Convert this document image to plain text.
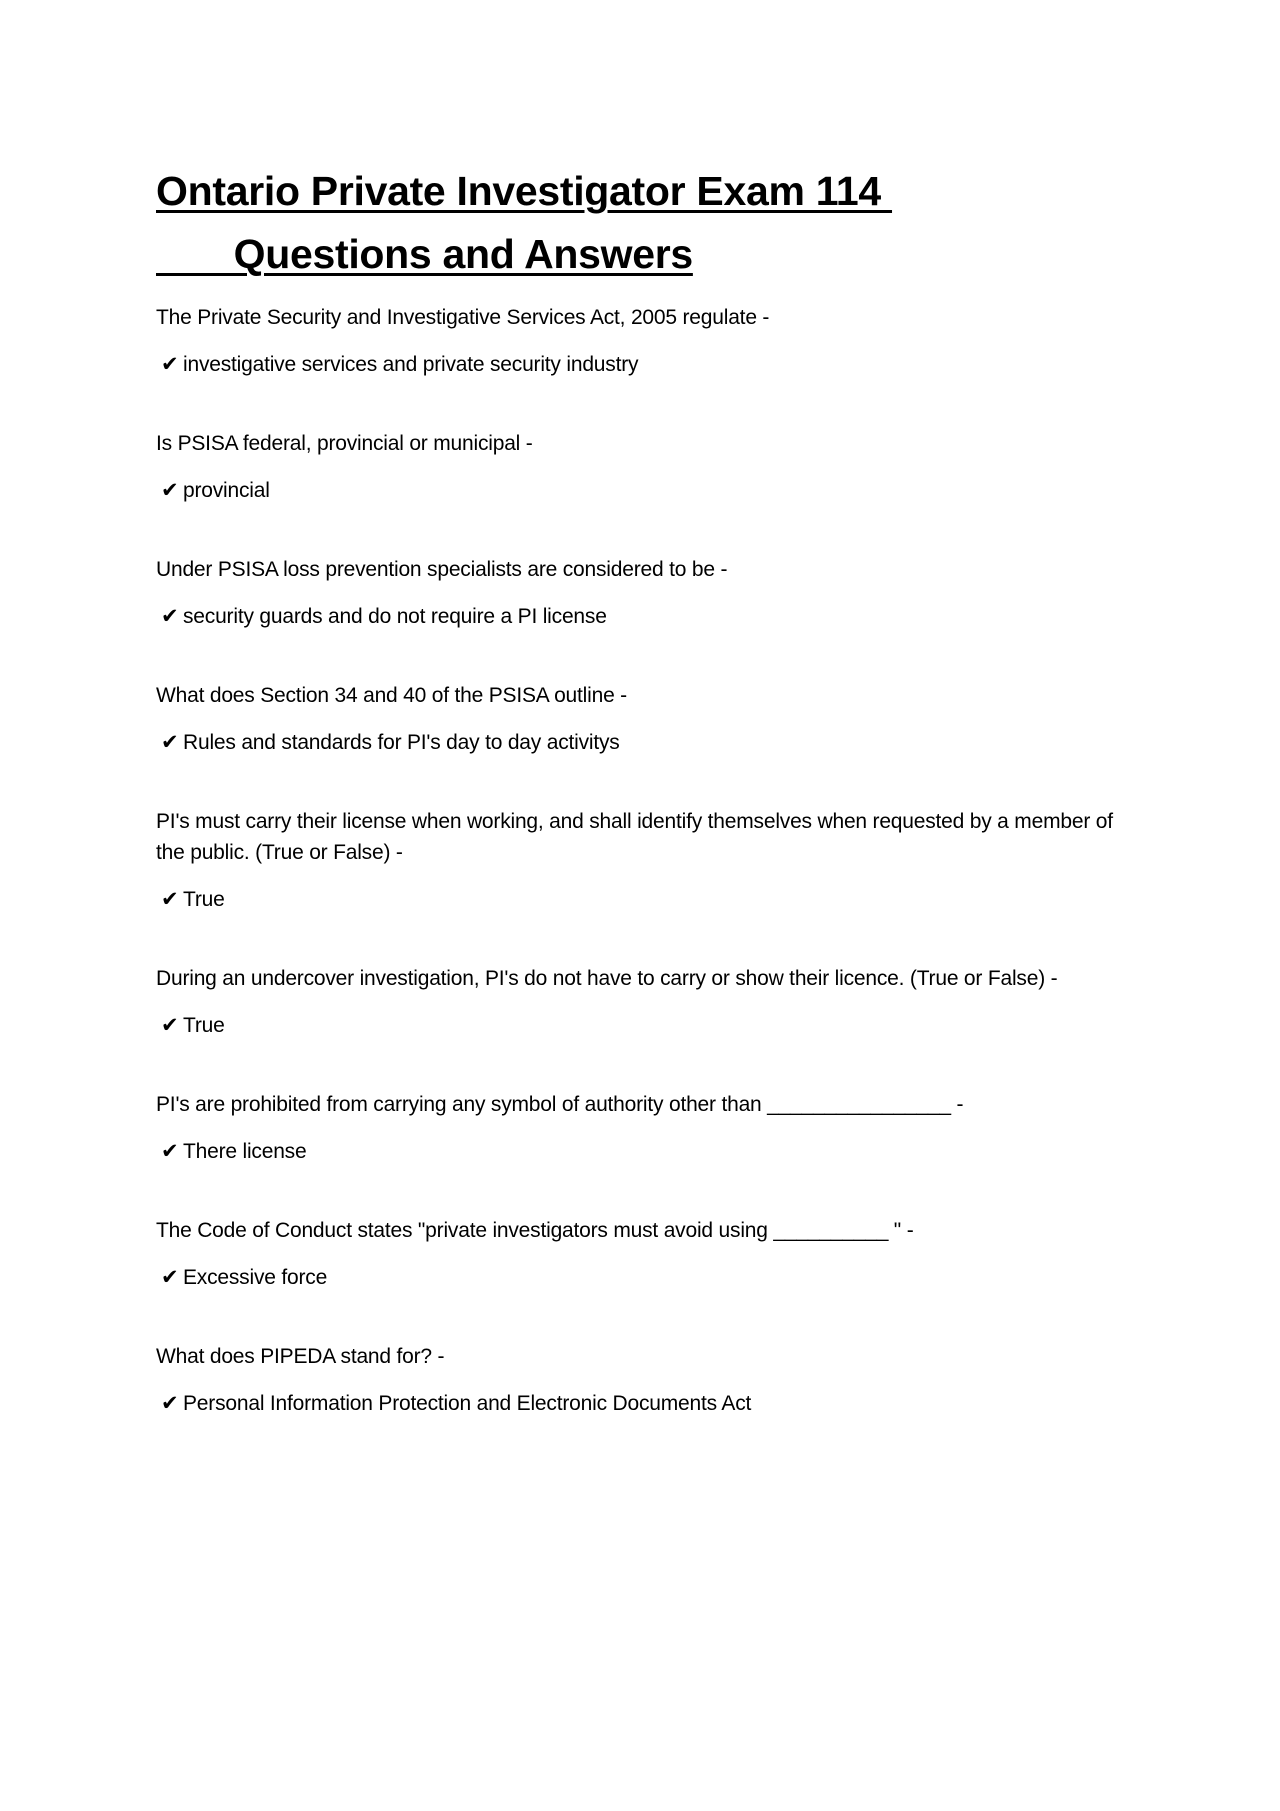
Ontario Private Investigator Exam 114
Questions and Answers

The Private Security and Investigative Services Act, 2005 regulate -

✔ investigative services and private security industry

Is PSISA federal, provincial or municipal -

✔ provincial

Under PSISA loss prevention specialists are considered to be -

✔ security guards and do not require a PI license

What does Section 34 and 40 of the PSISA outline -

✔ Rules and standards for PI's day to day activitys

PI's must carry their license when working, and shall identify themselves when requested by a member of the public. (True or False) -

✔ True

During an undercover investigation, PI's do not have to carry or show their licence. (True or False) -

✔ True

PI's are prohibited from carrying any symbol of authority other than ________________ -

✔ There license

The Code of Conduct states "private investigators must avoid using __________ " -

✔ Excessive force

What does PIPEDA stand for? -

✔ Personal Information Protection and Electronic Documents Act
